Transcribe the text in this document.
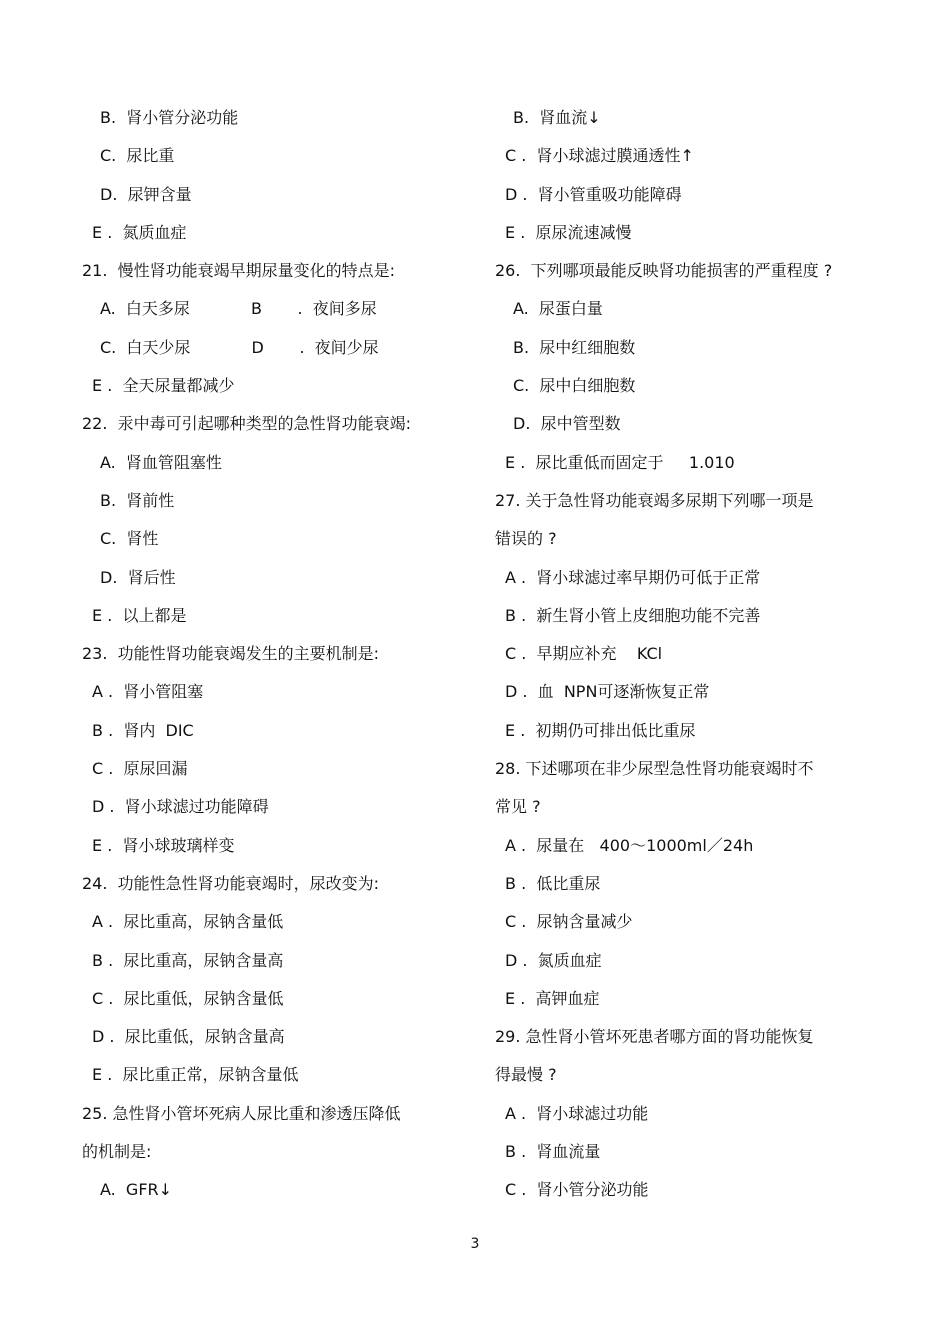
B.  肾小管分泌功能
C.  尿比重
D.  尿钾含量
E .  氮质血症
21.  慢性肾功能衰竭早期尿量变化的特点是:
A.  白天多尿            B       .  夜间多尿
C.  白天少尿            D       .  夜间少尿
E .  全天尿量都减少
22.  汞中毒可引起哪种类型的急性肾功能衰竭:
A.  肾血管阻塞性
B.  肾前性
C.  肾性
D.  肾后性
E .  以上都是
23.  功能性肾功能衰竭发生的主要机制是:
A .  肾小管阻塞
B .  肾内  DIC
C .  原尿回漏
D .  肾小球滤过功能障碍
E .  肾小球玻璃样变
24.  功能性急性肾功能衰竭时，尿改变为:
A .  尿比重高，尿钠含量低
B .  尿比重高，尿钠含量高
C .  尿比重低，尿钠含量低
D .  尿比重低，尿钠含量高
E .  尿比重正常，尿钠含量低
25. 急性肾小管坏死病人尿比重和渗透压降低
的机制是:
A.  GFR↓
B.  肾血流↓
C .  肾小球滤过膜通透性↑
D .  肾小管重吸功能障碍
E .  原尿流速减慢
26.  下列哪项最能反映肾功能损害的严重程度 ?
A.  尿蛋白量
B.  尿中红细胞数
C.  尿中白细胞数
D.  尿中管型数
E .  尿比重低而固定于     1.010
27. 关于急性肾功能衰竭多尿期下列哪一项是
错误的 ?
A .  肾小球滤过率早期仍可低于正常
B .  新生肾小管上皮细胞功能不完善
C .  早期应补充    KCl
D .  血  NPN可逐渐恢复正常
E .  初期仍可排出低比重尿
28. 下述哪项在非少尿型急性肾功能衰竭时不
常见 ?
A .  尿量在   400～1000ml／24h
B .  低比重尿
C .  尿钠含量减少
D .  氮质血症
E .  高钾血症
29. 急性肾小管坏死患者哪方面的肾功能恢复
得最慢 ?
A .  肾小球滤过功能
B .  肾血流量
C .  肾小管分泌功能
3
